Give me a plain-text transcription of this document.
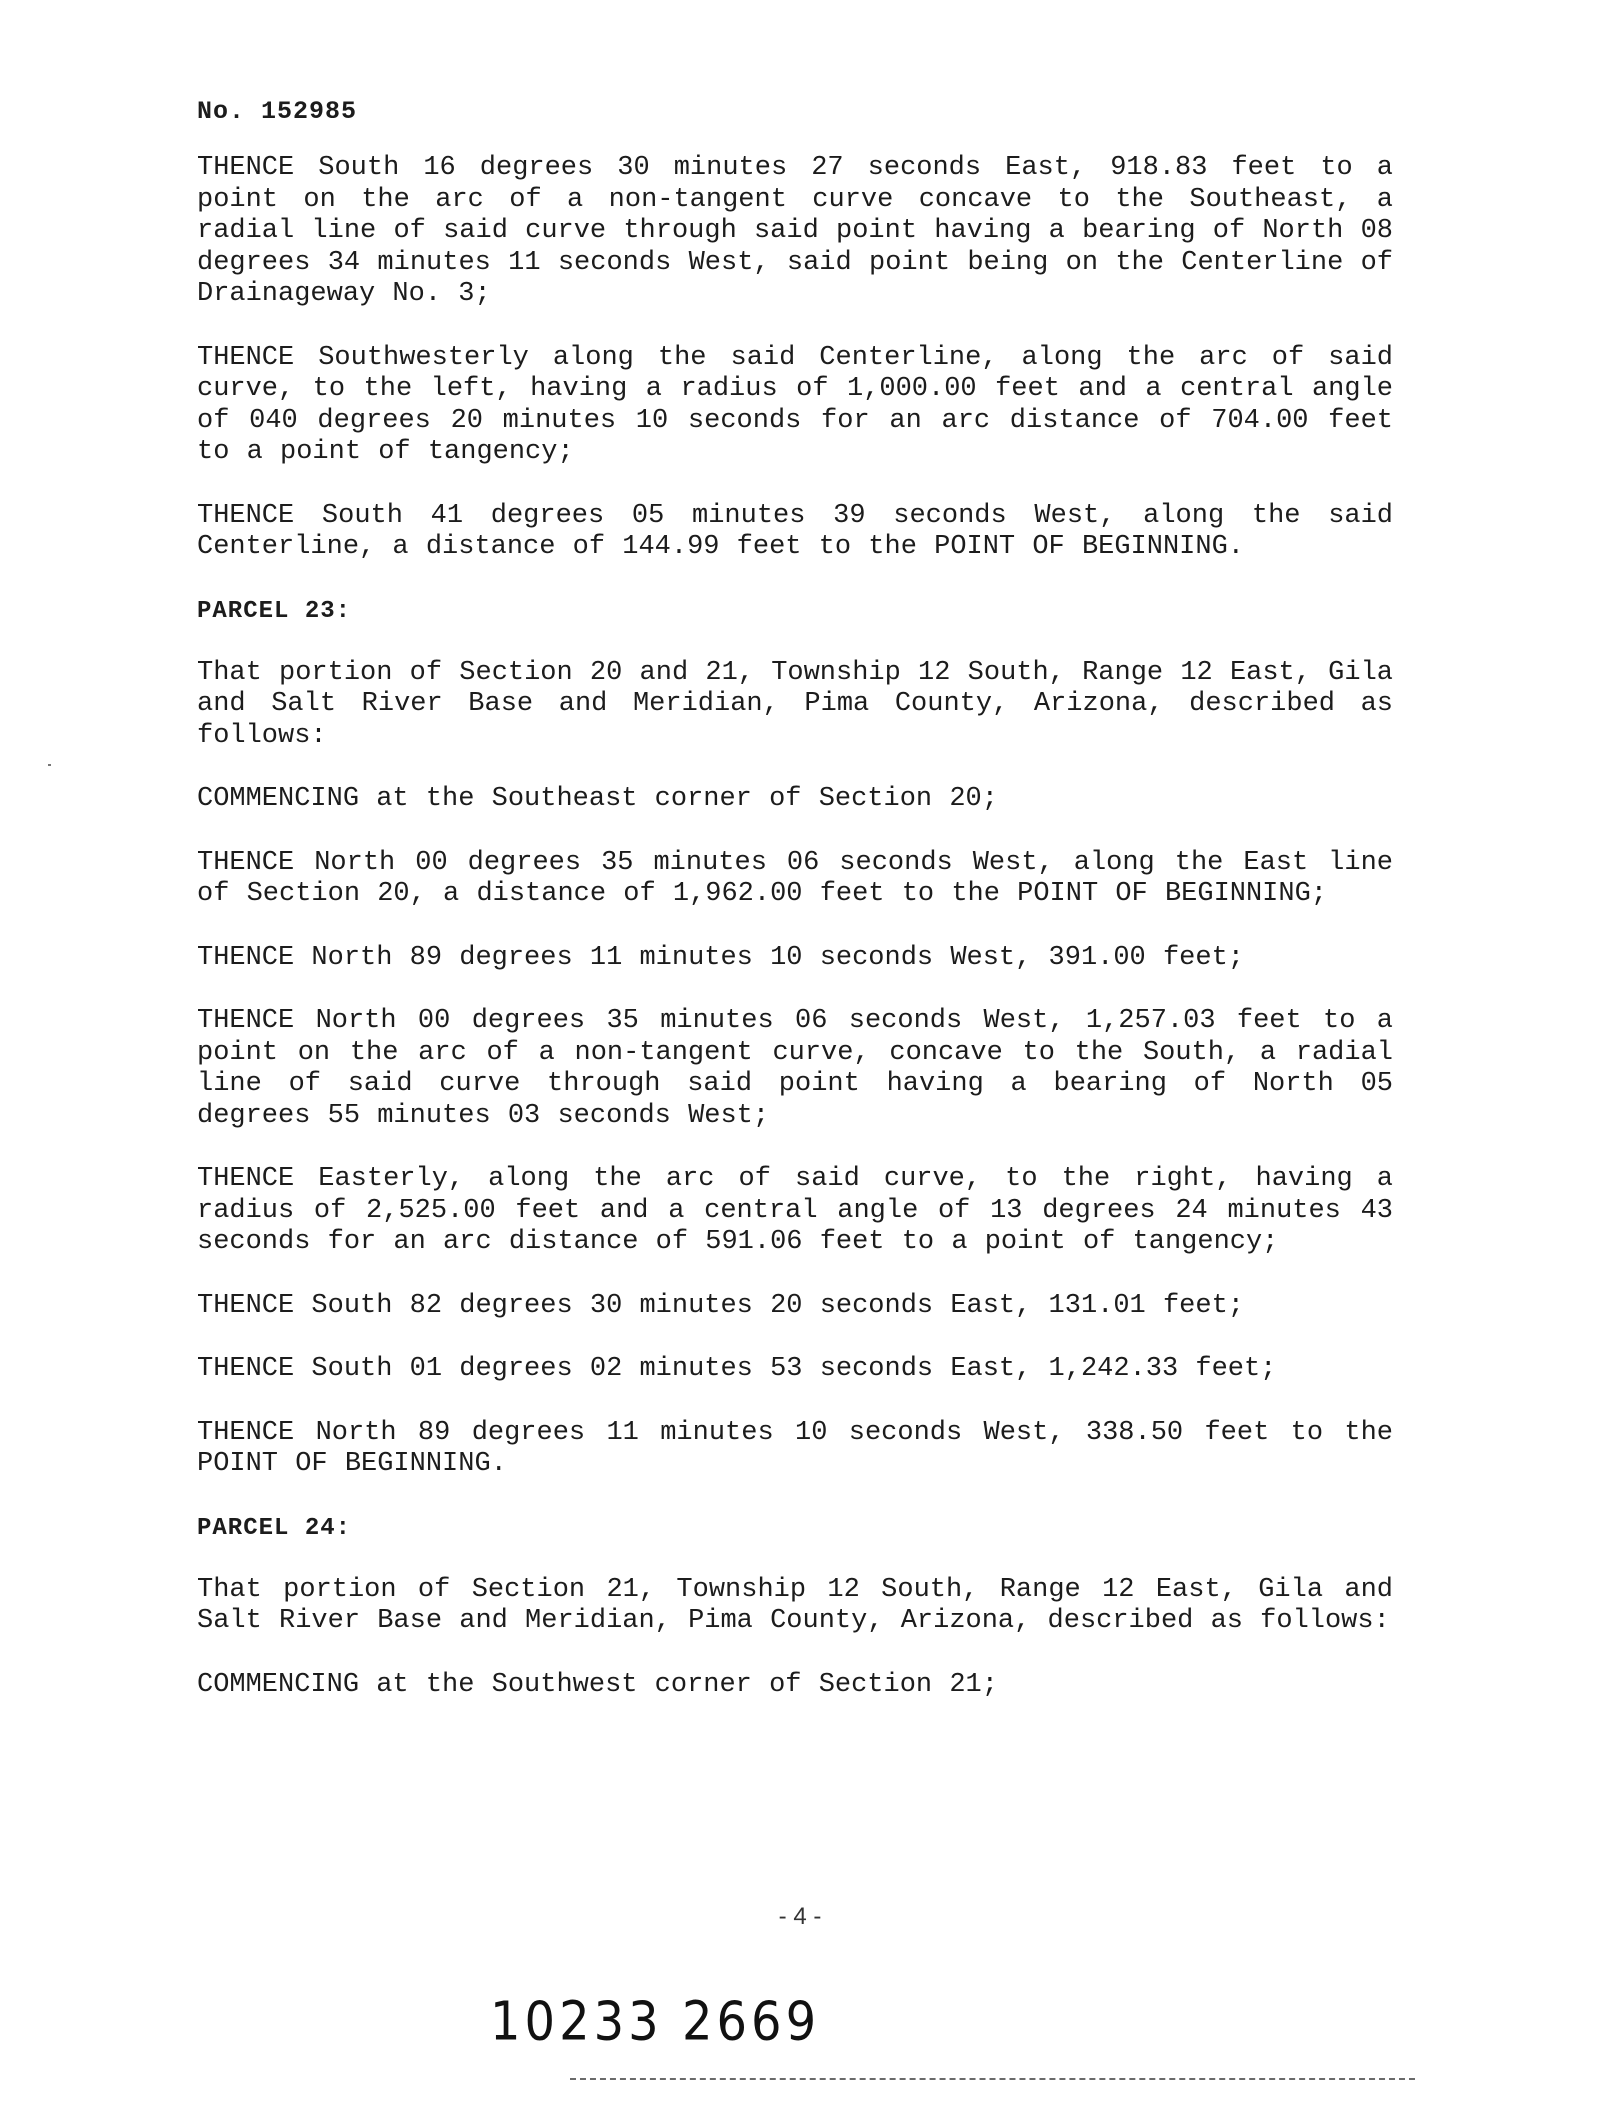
No. 152985
THENCE South 16 degrees 30 minutes 27 seconds East, 918.83 feet to a point on the arc of a non-tangent curve concave to the Southeast, a radial line of said curve through said point having a bearing of North 08 degrees 34 minutes 11 seconds West, said point being on the Centerline of Drainageway No. 3;
THENCE Southwesterly along the said Centerline, along the arc of said curve, to the left, having a radius of 1,000.00 feet and a central angle of 040 degrees 20 minutes 10 seconds for an arc distance of 704.00 feet to a point of tangency;
THENCE South 41 degrees 05 minutes 39 seconds West, along the said Centerline, a distance of 144.99 feet to the POINT OF BEGINNING.
PARCEL 23:
That portion of Section 20 and 21, Township 12 South, Range 12 East, Gila and Salt River Base and Meridian, Pima County, Arizona, described as follows:
COMMENCING at the Southeast corner of Section 20;
THENCE North 00 degrees 35 minutes 06 seconds West, along the East line of Section 20, a distance of 1,962.00 feet to the POINT OF BEGINNING;
THENCE North 89 degrees 11 minutes 10 seconds West, 391.00 feet;
THENCE North 00 degrees 35 minutes 06 seconds West, 1,257.03 feet to a point on the arc of a non-tangent curve, concave to the South, a radial line of said curve through said point having a bearing of North 05 degrees 55 minutes 03 seconds West;
THENCE Easterly, along the arc of said curve, to the right, having a radius of 2,525.00 feet and a central angle of 13 degrees 24 minutes 43 seconds for an arc distance of 591.06 feet to a point of tangency;
THENCE South 82 degrees 30 minutes 20 seconds East, 131.01 feet;
THENCE South 01 degrees 02 minutes 53 seconds East, 1,242.33 feet;
THENCE North 89 degrees 11 minutes 10 seconds West, 338.50 feet to the POINT OF BEGINNING.
PARCEL 24:
That portion of Section 21, Township 12 South, Range 12 East, Gila and Salt River Base and Meridian, Pima County, Arizona, described as follows:
COMMENCING at the Southwest corner of Section 21;
- 4 -
10233 2669
